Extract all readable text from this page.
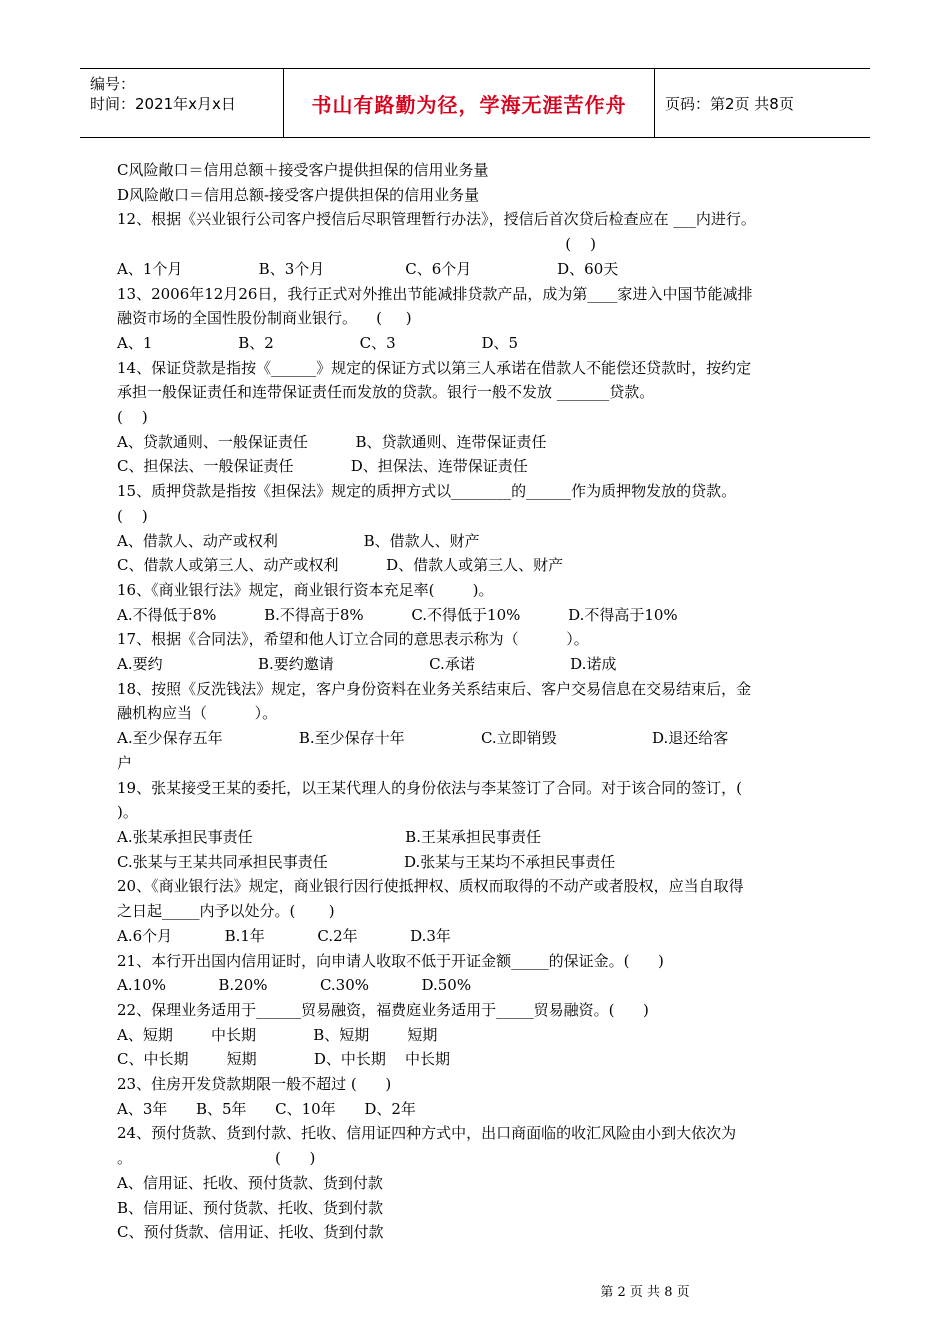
编号：
时间：2021年x月x日	书山有路勤为径，学海无涯苦作舟	页码：第2页 共8页
C风险敞口＝信用总额＋接受客户提供担保的信用业务量
D风险敞口＝信用总额-接受客户提供担保的信用业务量
12、根据《兴业银行公司客户授信后尽职管理暂行办法》，授信后首次贷后检查应在 ___内进行。
(    )
A、1个月                B、3个月                 C、6个月                  D、60天
13、2006年12月26日，我行正式对外推出节能减排贷款产品，成为第____家进入中国节能减排
融资市场的全国性股份制商业银行。    (     )
A、1                  B、2                  C、3                  D、5
14、保证贷款是指按《______》规定的保证方式以第三人承诺在借款人不能偿还贷款时，按约定
承担一般保证责任和连带保证责任而发放的贷款。银行一般不发放 _______贷款。
(    )
A、贷款通则、一般保证责任          B、贷款通则、连带保证责任
C、担保法、一般保证责任            D、担保法、连带保证责任
15、质押贷款是指按《担保法》规定的质押方式以________的______作为质押物发放的贷款。
(    )
A、借款人、动产或权利                  B、借款人、财产
C、借款人或第三人、动产或权利          D、借款人或第三人、财产
16、《商业银行法》规定，商业银行资本充足率(        )。
A.不得低于8%          B.不得高于8%          C.不得低于10%          D.不得高于10%
17、根据《合同法》，希望和他人订立合同的意思表示称为（          ）。
A.要约                    B.要约邀请                    C.承诺                    D.诺成
18、按照《反洗钱法》规定，客户身份资料在业务关系结束后、客户交易信息在交易结束后，金
融机构应当（          ）。
A.至少保存五年                B.至少保存十年                C.立即销毁                    D.退还给客
户
19、张某接受王某的委托，以王某代理人的身份依法与李某签订了合同。对于该合同的签订，(
)。
A.张某承担民事责任                                B.王某承担民事责任
C.张某与王某共同承担民事责任                D.张某与王某均不承担民事责任
20、《商业银行法》规定，商业银行因行使抵押权、质权而取得的不动产或者股权，应当自取得
之日起_____内予以处分。(       )
A.6个月           B.1年           C.2年           D.3年
21、本行开出国内信用证时，向申请人收取不低于开证金额_____的保证金。(      )
A.10%           B.20%           C.30%           D.50%
22、保理业务适用于______贸易融资，福费庭业务适用于_____贸易融资。(      )
A、短期        中长期            B、短期        短期
C、中长期        短期            D、中长期    中长期
23、住房开发贷款期限一般不超过 (      )
A、3年      B、5年      C、10年      D、2年
24、预付货款、货到付款、托收、信用证四种方式中，出口商面临的收汇风险由小到大依次为
。                              (      )
A、信用证、托收、预付货款、货到付款
B、信用证、预付货款、托收、货到付款
C、预付货款、信用证、托收、货到付款
第 2 页 共 8 页
